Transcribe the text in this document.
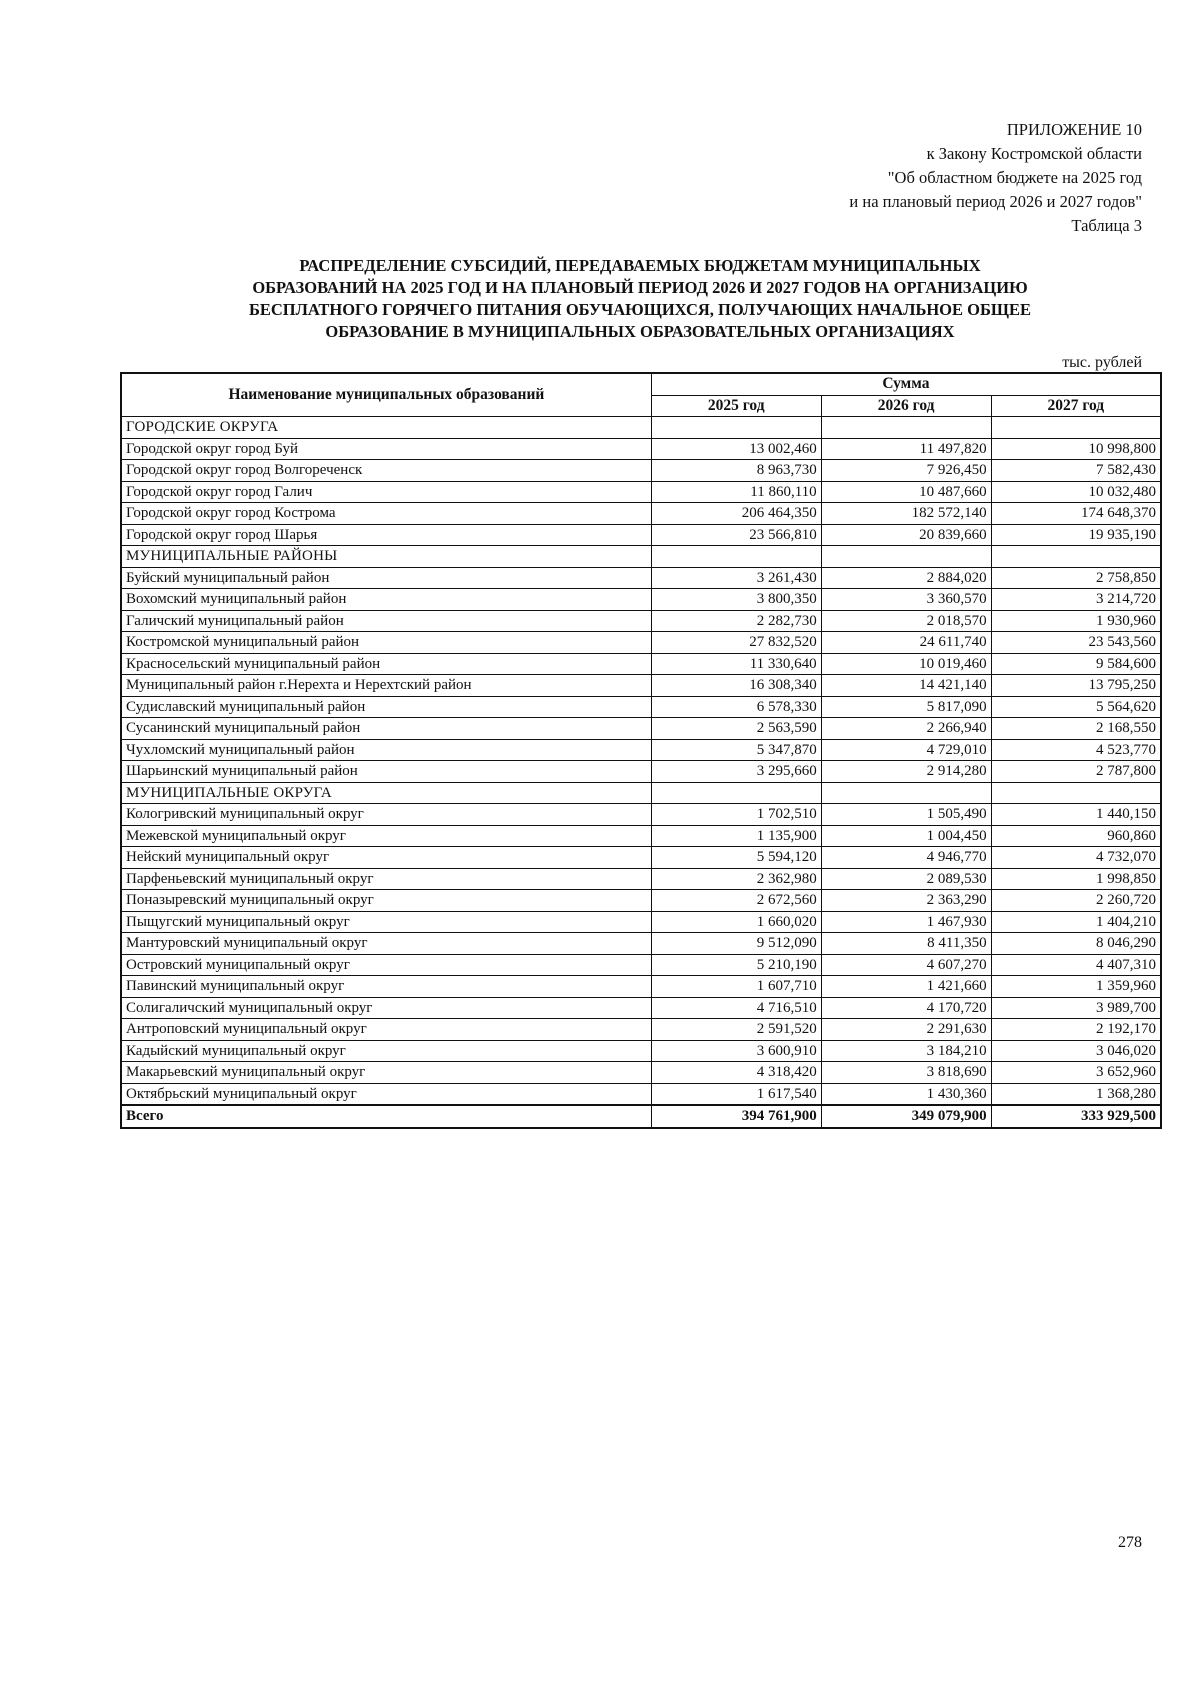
ПРИЛОЖЕНИЕ 10
к Закону Костромской области
"Об областном бюджете на 2025 год
и на плановый период 2026 и 2027 годов"
Таблица 3
РАСПРЕДЕЛЕНИЕ СУБСИДИЙ, ПЕРЕДАВАЕМЫХ БЮДЖЕТАМ МУНИЦИПАЛЬНЫХ
ОБРАЗОВАНИЙ НА 2025 ГОД И НА ПЛАНОВЫЙ ПЕРИОД 2026 И 2027 ГОДОВ НА ОРГАНИЗАЦИЮ
БЕСПЛАТНОГО ГОРЯЧЕГО ПИТАНИЯ ОБУЧАЮЩИХСЯ, ПОЛУЧАЮЩИХ НАЧАЛЬНОЕ ОБЩЕЕ
ОБРАЗОВАНИЕ В МУНИЦИПАЛЬНЫХ ОБРАЗОВАТЕЛЬНЫХ ОРГАНИЗАЦИЯХ
тыс. рублей
Наименование муниципальных образований	Сумма		
	2025 год	2026 год	2027 год
ГОРОДСКИЕ ОКРУГА			
Городской округ город Буй	13 002,460	11 497,820	10 998,800
Городской округ город Волгореченск	8 963,730	7 926,450	7 582,430
Городской округ город Галич	11 860,110	10 487,660	10 032,480
Городской округ город Кострома	206 464,350	182 572,140	174 648,370
Городской округ город Шарья	23 566,810	20 839,660	19 935,190
МУНИЦИПАЛЬНЫЕ РАЙОНЫ			
Буйский муниципальный район	3 261,430	2 884,020	2 758,850
Вохомский муниципальный район	3 800,350	3 360,570	3 214,720
Галичский муниципальный район	2 282,730	2 018,570	1 930,960
Костромской муниципальный район	27 832,520	24 611,740	23 543,560
Красносельский муниципальный район	11 330,640	10 019,460	9 584,600
Муниципальный район г.Нерехта и Нерехтский район	16 308,340	14 421,140	13 795,250
Судиславский муниципальный район	6 578,330	5 817,090	5 564,620
Сусанинский муниципальный район	2 563,590	2 266,940	2 168,550
Чухломский муниципальный район	5 347,870	4 729,010	4 523,770
Шарьинский муниципальный район	3 295,660	2 914,280	2 787,800
МУНИЦИПАЛЬНЫЕ ОКРУГА			
Кологривский муниципальный округ	1 702,510	1 505,490	1 440,150
Межевской муниципальный округ	1 135,900	1 004,450	960,860
Нейский муниципальный округ	5 594,120	4 946,770	4 732,070
Парфеньевский муниципальный округ	2 362,980	2 089,530	1 998,850
Поназыревский муниципальный округ	2 672,560	2 363,290	2 260,720
Пыщугский муниципальный округ	1 660,020	1 467,930	1 404,210
Мантуровский муниципальный округ	9 512,090	8 411,350	8 046,290
Островский муниципальный округ	5 210,190	4 607,270	4 407,310
Павинский муниципальный округ	1 607,710	1 421,660	1 359,960
Солигаличский муниципальный округ	4 716,510	4 170,720	3 989,700
Антроповский муниципальный округ	2 591,520	2 291,630	2 192,170
Кадыйский муниципальный округ	3 600,910	3 184,210	3 046,020
Макарьевский муниципальный округ	4 318,420	3 818,690	3 652,960
Октябрьский муниципальный округ	1 617,540	1 430,360	1 368,280
Всего	394 761,900	349 079,900	333 929,500
278
